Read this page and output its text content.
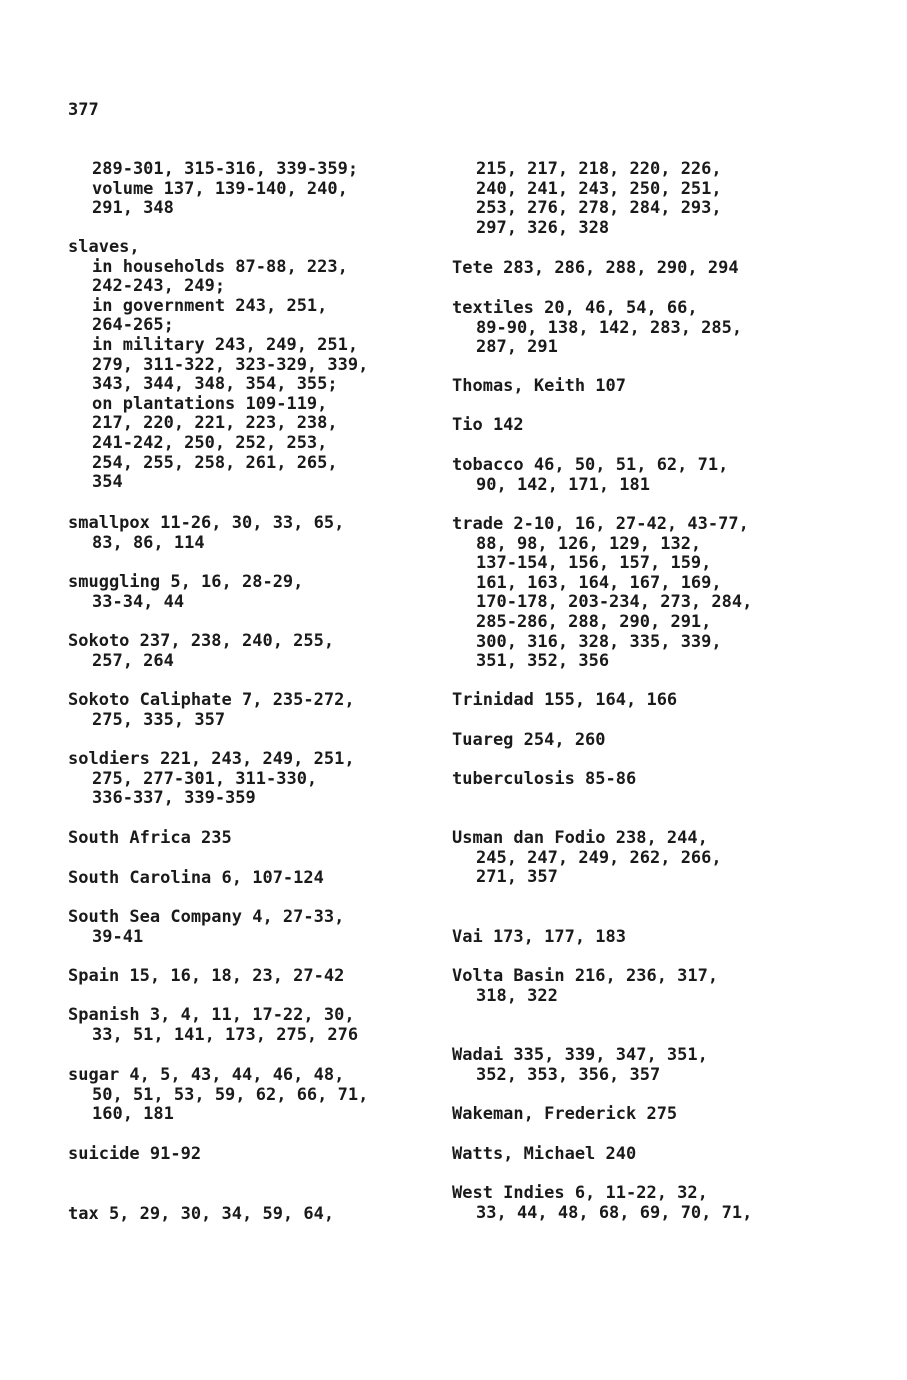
377
289-301, 315-316, 339-359;
volume 137, 139-140, 240,
291, 348
slaves,
in households 87-88, 223,
242-243, 249;
in government 243, 251,
264-265;
in military 243, 249, 251,
279, 311-322, 323-329, 339,
343, 344, 348, 354, 355;
on plantations 109-119,
217, 220, 221, 223, 238,
241-242, 250, 252, 253,
254, 255, 258, 261, 265,
354
smallpox 11-26, 30, 33, 65,
83, 86, 114
smuggling 5, 16, 28-29,
33-34, 44
Sokoto 237, 238, 240, 255,
257, 264
Sokoto Caliphate 7, 235-272,
275, 335, 357
soldiers 221, 243, 249, 251,
275, 277-301, 311-330,
336-337, 339-359
South Africa 235
South Carolina 6, 107-124
South Sea Company 4, 27-33,
39-41
Spain 15, 16, 18, 23, 27-42
Spanish 3, 4, 11, 17-22, 30,
33, 51, 141, 173, 275, 276
sugar 4, 5, 43, 44, 46, 48,
50, 51, 53, 59, 62, 66, 71,
160, 181
suicide 91-92
tax 5, 29, 30, 34, 59, 64,
215, 217, 218, 220, 226,
240, 241, 243, 250, 251,
253, 276, 278, 284, 293,
297, 326, 328
Tete 283, 286, 288, 290, 294
textiles 20, 46, 54, 66,
89-90, 138, 142, 283, 285,
287, 291
Thomas, Keith 107
Tio 142
tobacco 46, 50, 51, 62, 71,
90, 142, 171, 181
trade 2-10, 16, 27-42, 43-77,
88, 98, 126, 129, 132,
137-154, 156, 157, 159,
161, 163, 164, 167, 169,
170-178, 203-234, 273, 284,
285-286, 288, 290, 291,
300, 316, 328, 335, 339,
351, 352, 356
Trinidad 155, 164, 166
Tuareg 254, 260
tuberculosis 85-86
Usman dan Fodio 238, 244,
245, 247, 249, 262, 266,
271, 357
Vai 173, 177, 183
Volta Basin 216, 236, 317,
318, 322
Wadai 335, 339, 347, 351,
352, 353, 356, 357
Wakeman, Frederick 275
Watts, Michael 240
West Indies 6, 11-22, 32,
33, 44, 48, 68, 69, 70, 71,
